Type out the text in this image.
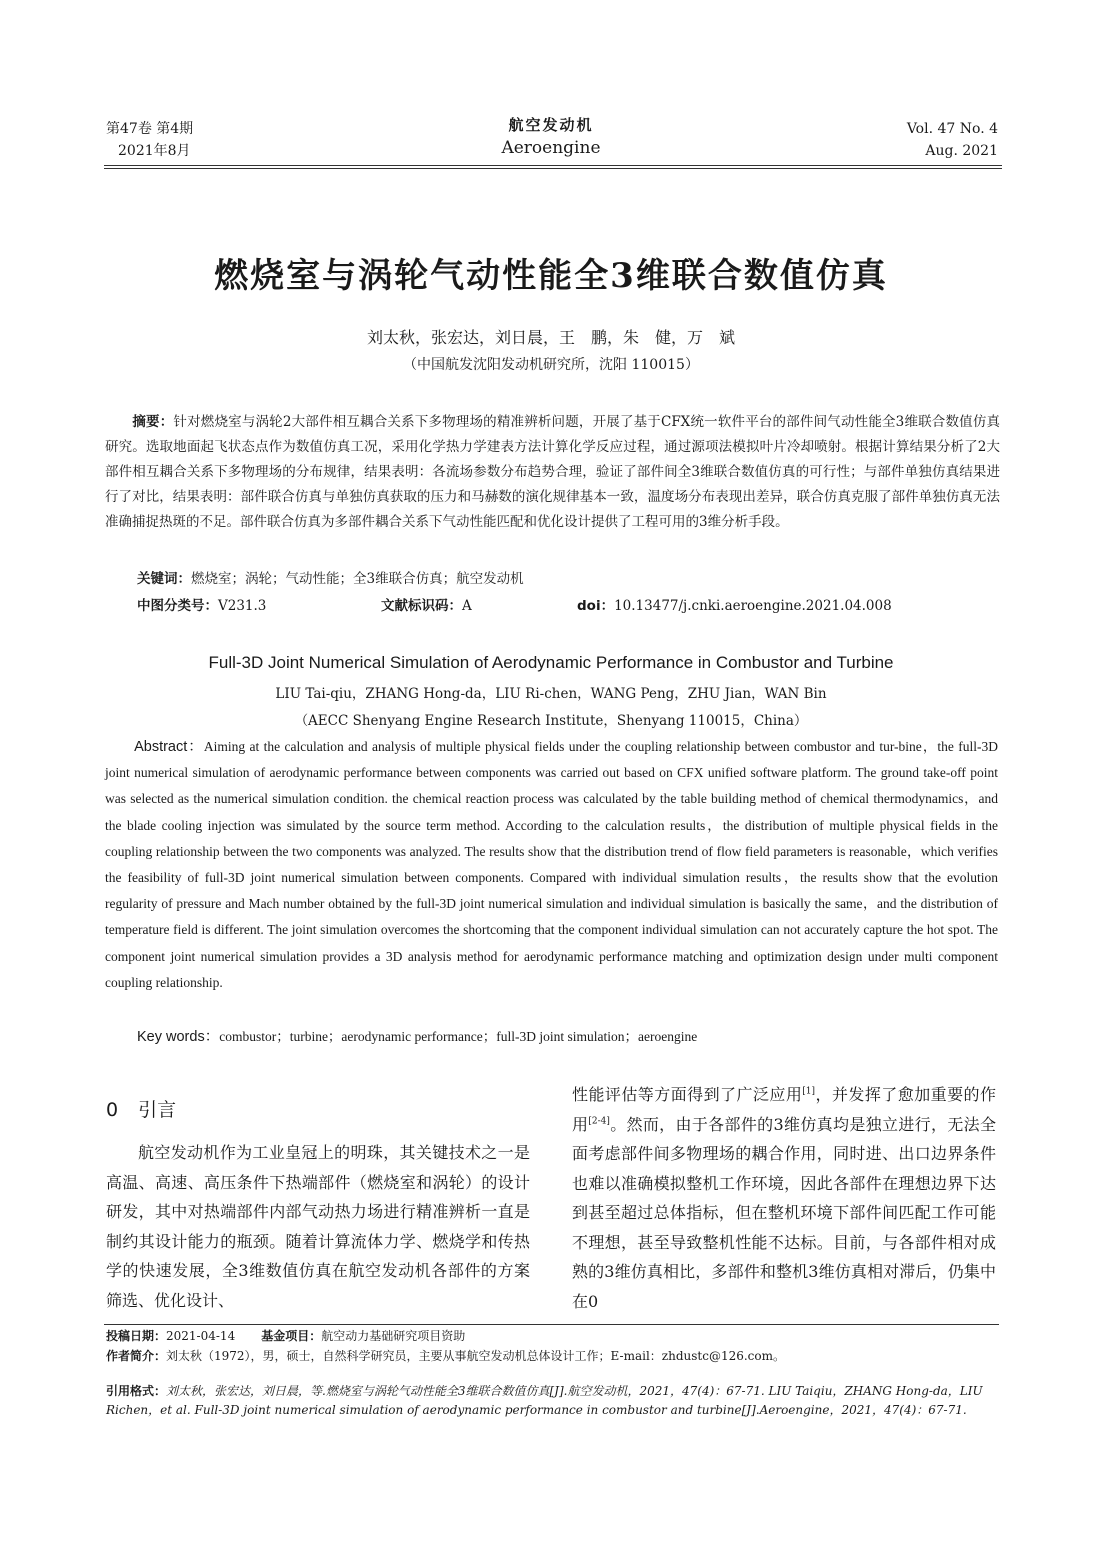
第47卷 第4期
2021年8月
航空发动机
Aeroengine
Vol. 47 No. 4
Aug. 2021
燃烧室与涡轮气动性能全3维联合数值仿真
刘太秋，张宏达，刘日晨，王　鹏，朱　健，万　斌
（中国航发沈阳发动机研究所，沈阳 110015）
　　摘要：针对燃烧室与涡轮2大部件相互耦合关系下多物理场的精准辨析问题，开展了基于CFX统一软件平台的部件间气动性能全3维联合数值仿真研究。选取地面起飞状态点作为数值仿真工况，采用化学热力学建表方法计算化学反应过程，通过源项法模拟叶片冷却喷射。根据计算结果分析了2大部件相互耦合关系下多物理场的分布规律，结果表明：各流场参数分布趋势合理，验证了部件间全3维联合数值仿真的可行性；与部件单独仿真结果进行了对比，结果表明：部件联合仿真与单独仿真获取的压力和马赫数的演化规律基本一致，温度场分布表现出差异，联合仿真克服了部件单独仿真无法准确捕捉热斑的不足。部件联合仿真为多部件耦合关系下气动性能匹配和优化设计提供了工程可用的3维分析手段。
关键词：燃烧室；涡轮；气动性能；全3维联合仿真；航空发动机
中图分类号：V231.3	文献标识码：A	doi：10.13477/j.cnki.aeroengine.2021.04.008
Full-3D Joint Numerical Simulation of Aerodynamic Performance in Combustor and Turbine
LIU Tai-qiu，ZHANG Hong-da，LIU Ri-chen，WANG Peng，ZHU Jian，WAN Bin
（AECC Shenyang Engine Research Institute，Shenyang 110015，China）
　　Abstract：Aiming at the calculation and analysis of multiple physical fields under the coupling relationship between combustor and tur-bine，the full-3D joint numerical simulation of aerodynamic performance between components was carried out based on CFX unified software platform. The ground take-off point was selected as the numerical simulation condition. the chemical reaction process was calculated by the table building method of chemical thermodynamics，and the blade cooling injection was simulated by the source term method. According to the calculation results，the distribution of multiple physical fields in the coupling relationship between the two components was analyzed. The results show that the distribution trend of flow field parameters is reasonable，which verifies the feasibility of full-3D joint numerical simulation between components. Compared with individual simulation results，the results show that the evolution regularity of pressure and Mach number obtained by the full-3D joint numerical simulation and individual simulation is basically the same，and the distribution of temperature field is different. The joint simulation overcomes the shortcoming that the component individual simulation can not accurately capture the hot spot. The component joint numerical simulation provides a 3D analysis method for aerodynamic performance matching and optimization design under multi component coupling relationship.
Key words：combustor；turbine；aerodynamic performance；full-3D joint simulation；aeroengine
0 引言

航空发动机作为工业皇冠上的明珠，其关键技术之一是高温、高速、高压条件下热端部件（燃烧室和涡轮）的设计研发，其中对热端部件内部气动热力场进行精准辨析一直是制约其设计能力的瓶颈。随着计算流体力学、燃烧学和传热学的快速发展，全3维数值仿真在航空发动机各部件的方案筛选、优化设计、

性能评估等方面得到了广泛应用[1]，并发挥了愈加重要的作用[2-4]。然而，由于各部件的3维仿真均是独立进行，无法全面考虑部件间多物理场的耦合作用，同时进、出口边界条件也难以准确模拟整机工作环境，因此各部件在理想边界下达到甚至超过总体指标，但在整机环境下部件间匹配工作可能不理想，甚至导致整机性能不达标。目前，与各部件相对成熟的3维仿真相比，多部件和整机3维仿真相对滞后，仍集中在0

投稿日期：2021-04-14 基金项目：航空动力基础研究项目资助
作者简介：刘太秋（1972），男，硕士，自然科学研究员，主要从事航空发动机总体设计工作；E-mail：zhdustc@126.com。
引用格式：刘太秋，张宏达，刘日晨，等.燃烧室与涡轮气动性能全3维联合数值仿真[J].航空发动机，2021，47(4)：67-71. LIU Taiqiu，ZHANG Hong-da，LIU Richen，et al. Full-3D joint numerical simulation of aerodynamic performance in combustor and turbine[J].Aeroengine，2021，47(4)：67-71.
